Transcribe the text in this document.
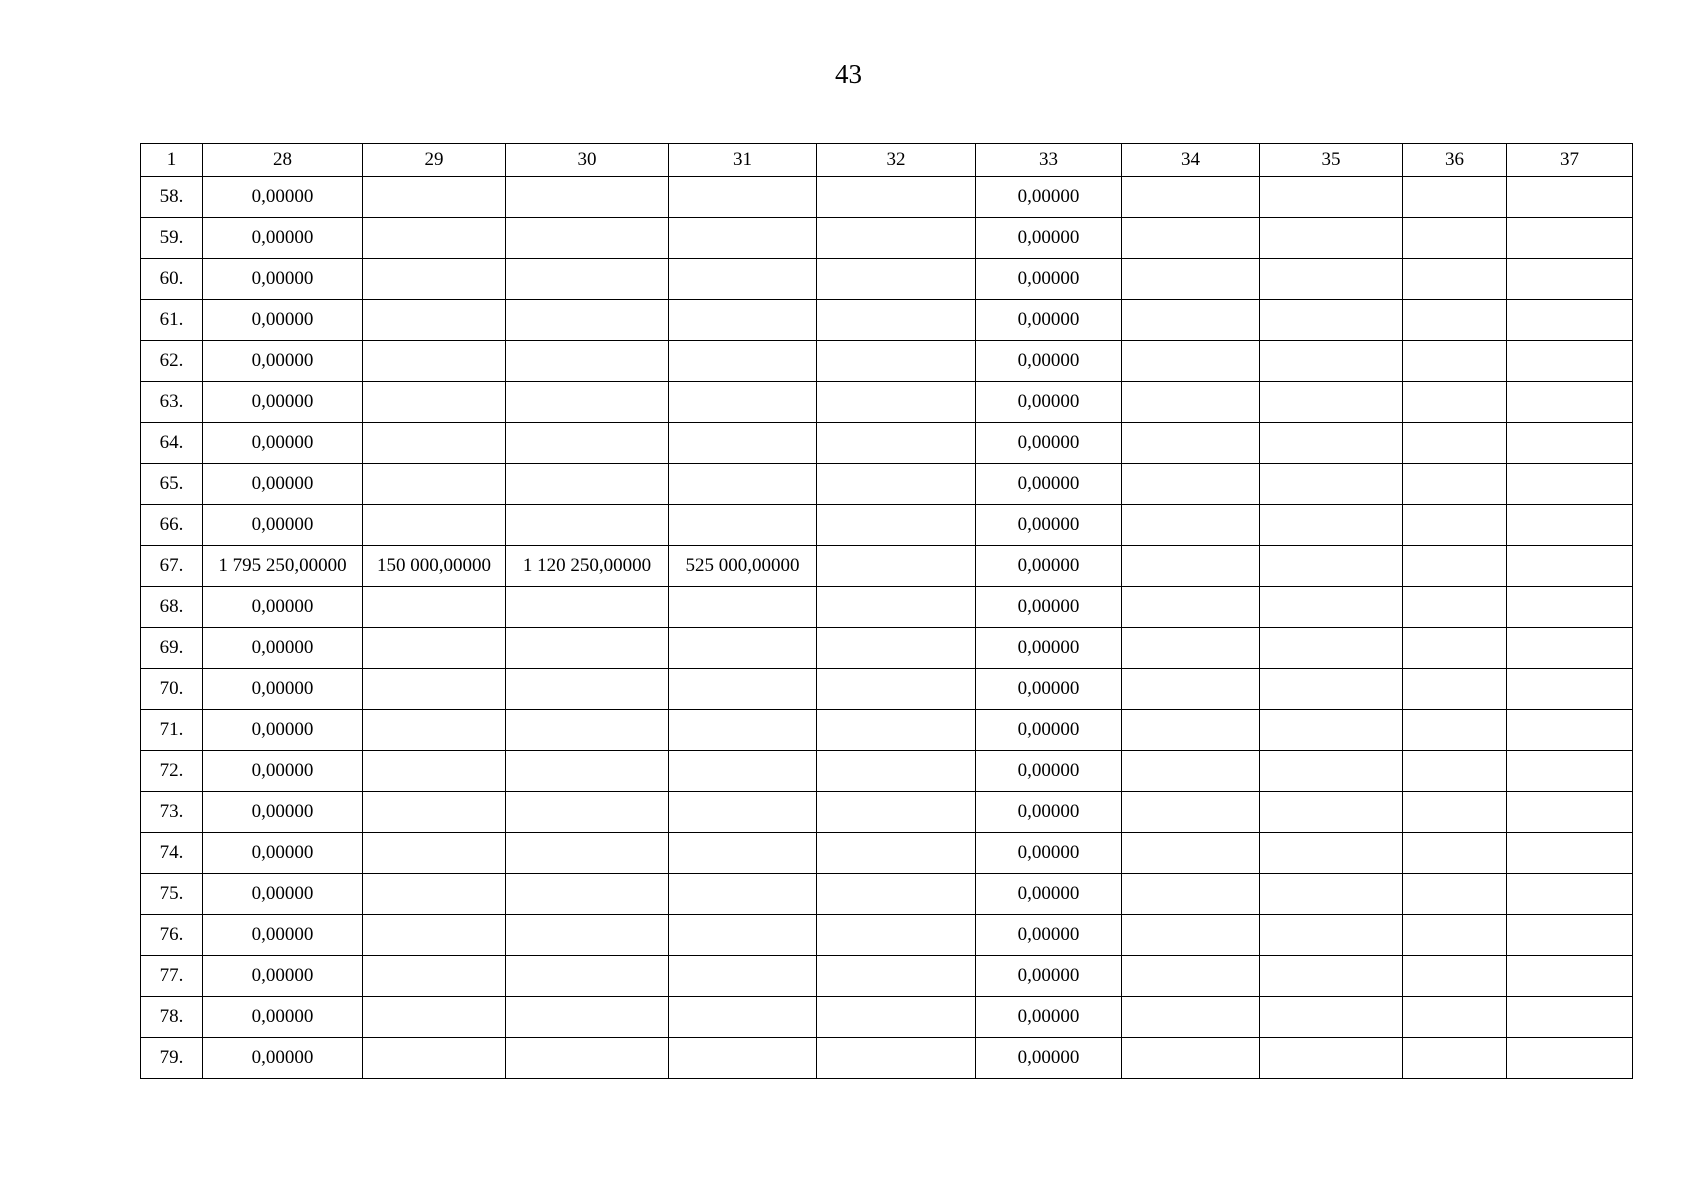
43
1	28	29	30	31	32	33	34	35	36	37
58.	0,00000					0,00000				
59.	0,00000					0,00000				
60.	0,00000					0,00000				
61.	0,00000					0,00000				
62.	0,00000					0,00000				
63.	0,00000					0,00000				
64.	0,00000					0,00000				
65.	0,00000					0,00000				
66.	0,00000					0,00000				
67.	1 795 250,00000	150 000,00000	1 120 250,00000	525 000,00000		0,00000				
68.	0,00000					0,00000				
69.	0,00000					0,00000				
70.	0,00000					0,00000				
71.	0,00000					0,00000				
72.	0,00000					0,00000				
73.	0,00000					0,00000				
74.	0,00000					0,00000				
75.	0,00000					0,00000				
76.	0,00000					0,00000				
77.	0,00000					0,00000				
78.	0,00000					0,00000				
79.	0,00000					0,00000				
